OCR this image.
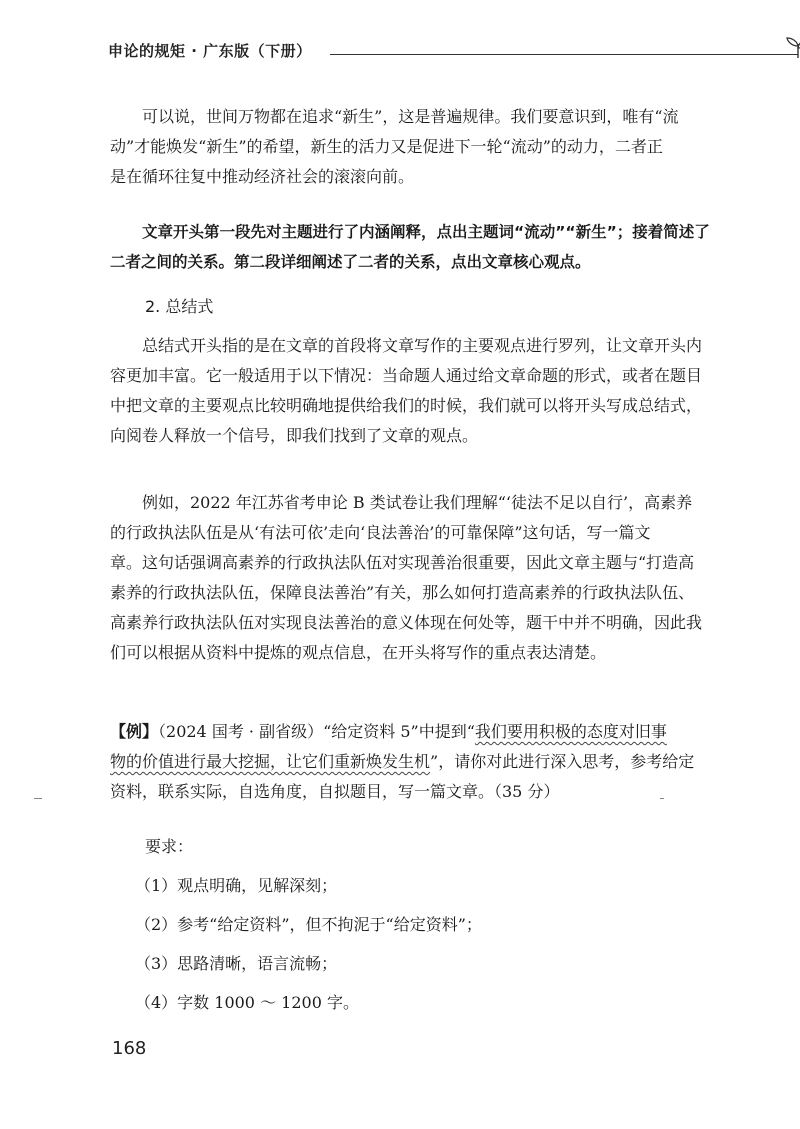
申论的规矩 · 广东版（下册）

可以说，世间万物都在追求“新生”，这是普遍规律。我们要意识到，唯有“流
动”才能焕发“新生”的希望，新生的活力又是促进下一轮“流动”的动力，二者正
是在循环往复中推动经济社会的滚滚向前。

文章开头第一段先对主题进行了内涵阐释，点出主题词“流动”“新生”；接着简述了
二者之间的关系。第二段详细阐述了二者的关系，点出文章核心观点。

2. 总结式

总结式开头指的是在文章的首段将文章写作的主要观点进行罗列，让文章开头内
容更加丰富。它一般适用于以下情况：当命题人通过给文章命题的形式，或者在题目
中把文章的主要观点比较明确地提供给我们的时候，我们就可以将开头写成总结式，
向阅卷人释放一个信号，即我们找到了文章的观点。

例如，2022 年江苏省考申论 B 类试卷让我们理解“‘徒法不足以自行’，高素养
的行政执法队伍是从‘有法可依’走向‘良法善治’的可靠保障”这句话，写一篇文
章。这句话强调高素养的行政执法队伍对实现善治很重要，因此文章主题与“打造高
素养的行政执法队伍，保障良法善治”有关，那么如何打造高素养的行政执法队伍、
高素养行政执法队伍对实现良法善治的意义体现在何处等，题干中并不明确，因此我
们可以根据从资料中提炼的观点信息，在开头将写作的重点表达清楚。

【例】（2024 国考 · 副省级）“给定资料 5”中提到“我们要用积极的态度对旧事
物的价值进行最大挖掘，让它们重新焕发生机”，请你对此进行深入思考，参考给定
资料，联系实际，自选角度，自拟题目，写一篇文章。（35 分）

要求：
（1）观点明确，见解深刻；
（2）参考“给定资料”，但不拘泥于“给定资料”；
（3）思路清晰，语言流畅；
（4）字数 1000 ～ 1200 字。
168
